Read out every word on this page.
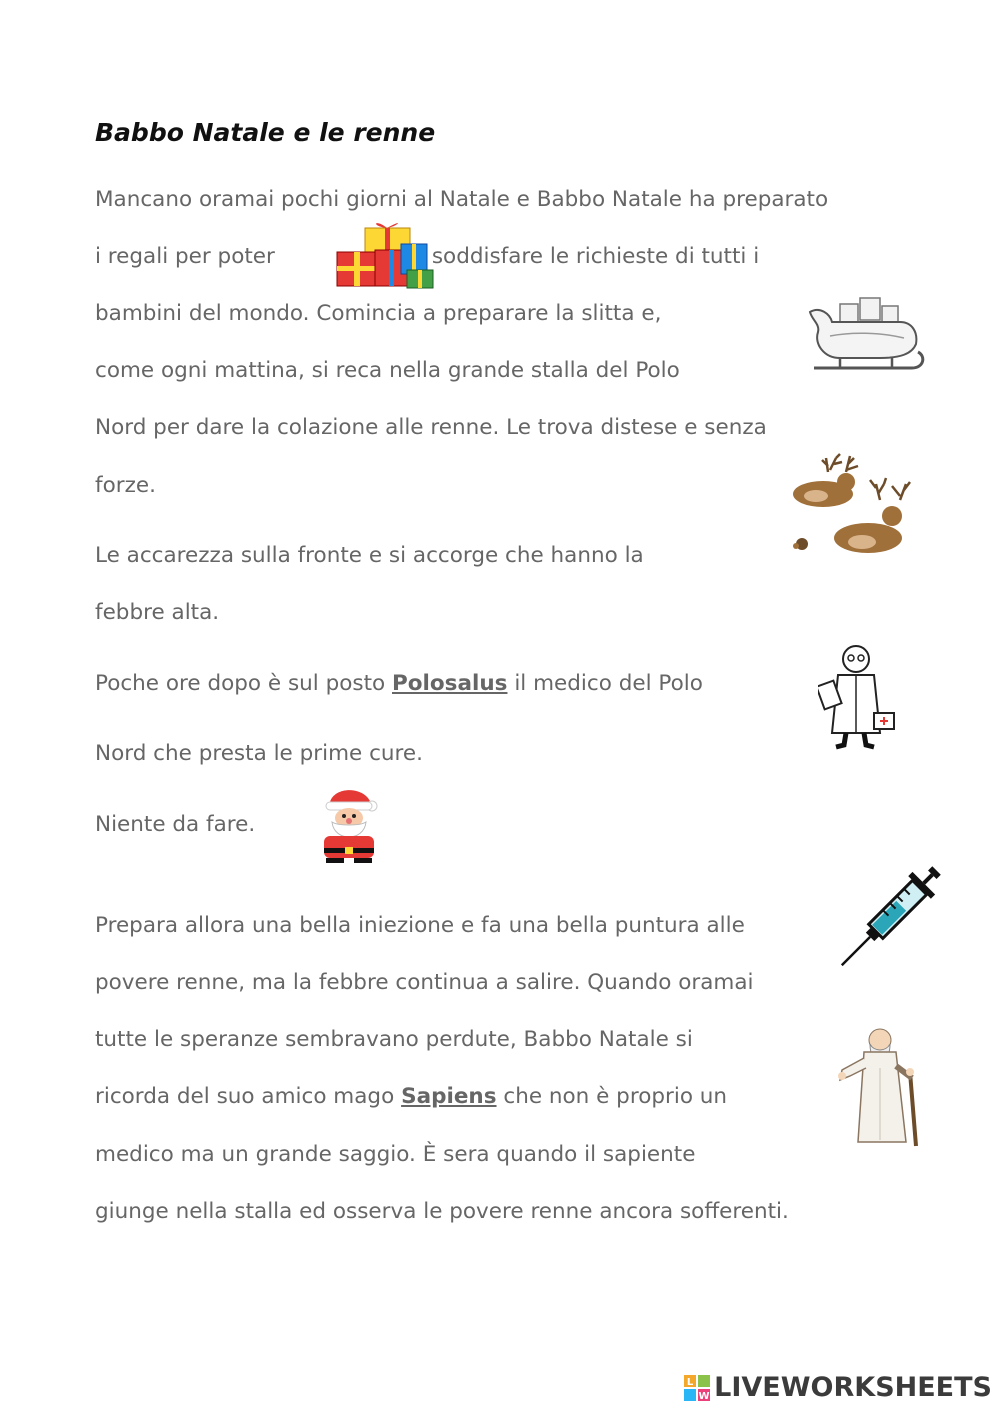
Babbo Natale e le renne
Mancano oramai pochi giorni al Natale e Babbo Natale ha preparato
i regali per poter	soddisfare le richieste di tutti i
bambini del mondo. Comincia a preparare la slitta e,
come ogni mattina, si reca nella grande stalla del Polo
Nord per dare la colazione alle renne. Le trova distese e senza
forze.
Le accarezza sulla fronte e si accorge che hanno la
febbre alta.
Poche ore dopo è sul posto Polosalus il medico del Polo
Nord che presta le prime cure.
Niente da fare.
Prepara allora una bella iniezione e fa una bella puntura alle
povere renne, ma la febbre continua a salire. Quando oramai
tutte le speranze sembravano perdute, Babbo Natale si
ricorda del suo amico mago Sapiens che non è proprio un
medico ma un grande saggio. È sera quando il sapiente
giunge nella stalla ed osserva le povere renne ancora sofferenti.
L
W LIVEWORKSHEETS
